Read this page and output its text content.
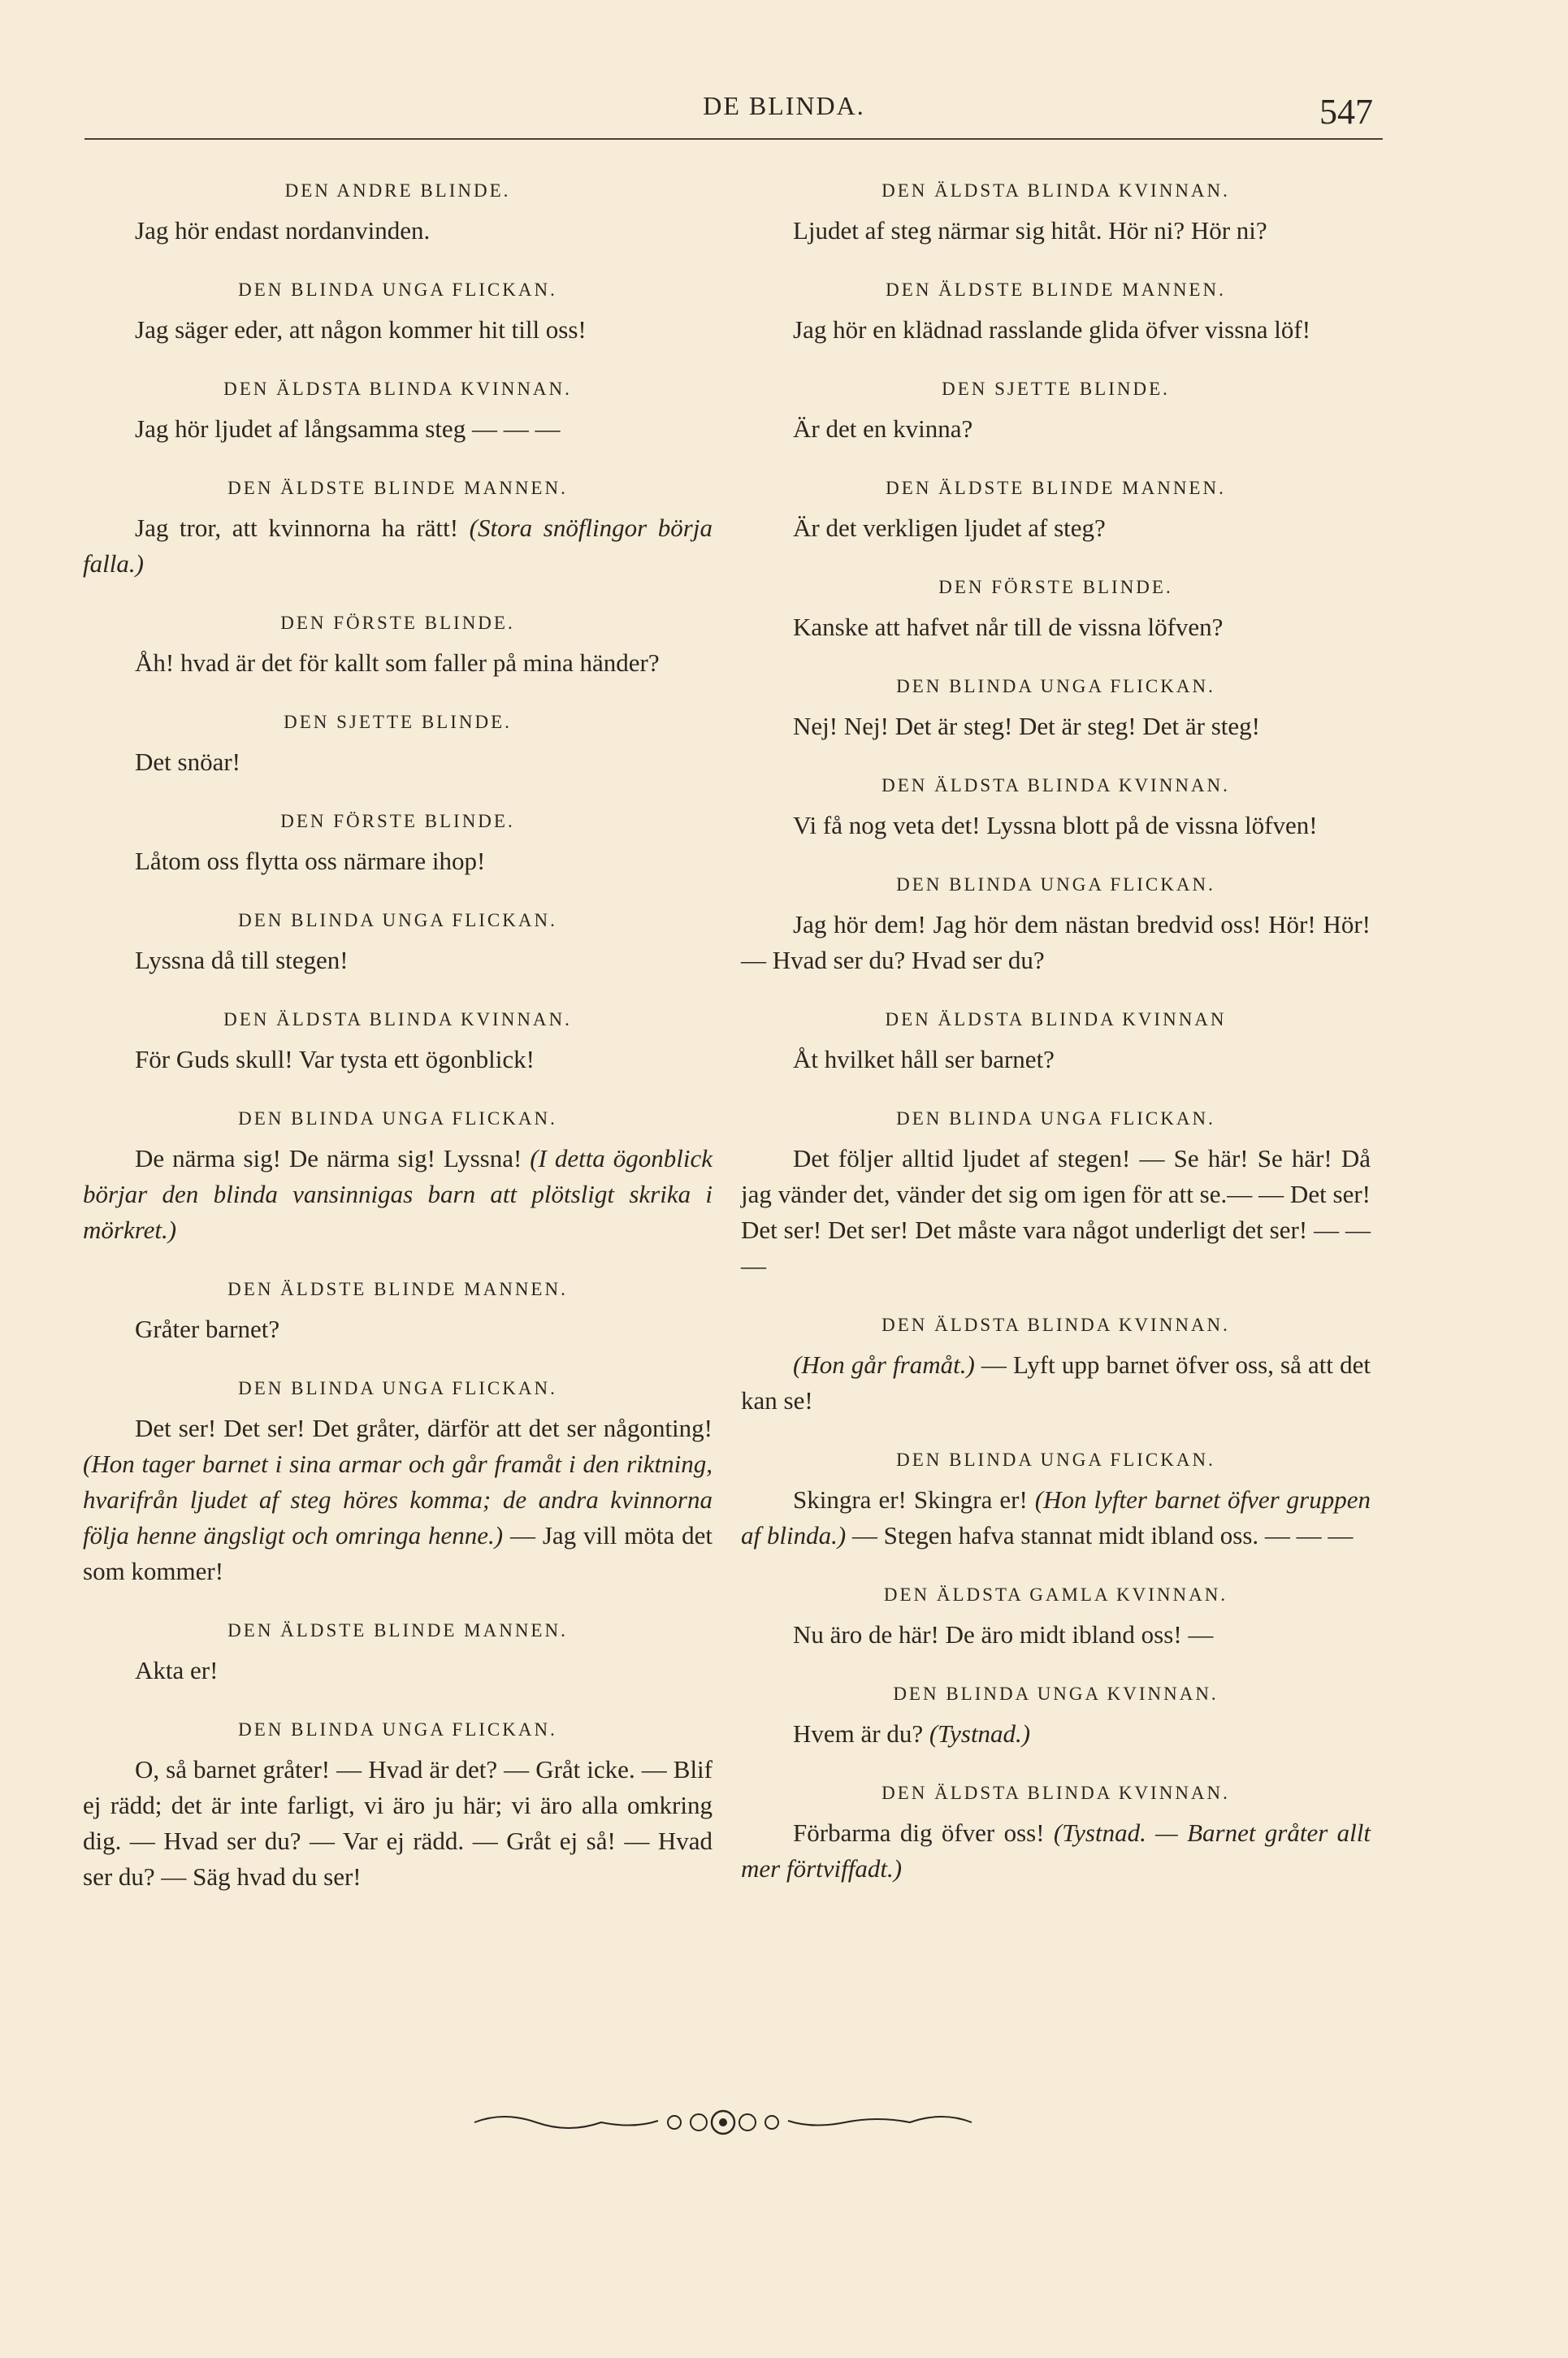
DE BLINDA.	547
DEN ANDRE BLINDE.

Jag hör endast nordanvinden.

DEN BLINDA UNGA FLICKAN.

Jag säger eder, att någon kommer hit till oss!

DEN ÄLDSTA BLINDA KVINNAN.

Jag hör ljudet af långsamma steg — — —

DEN ÄLDSTE BLINDE MANNEN.

Jag tror, att kvinnorna ha rätt! (Stora snöflingor börja falla.)

DEN FÖRSTE BLINDE.

Åh! hvad är det för kallt som faller på mina händer?

DEN SJETTE BLINDE.

Det snöar!

DEN FÖRSTE BLINDE.

Låtom oss flytta oss närmare ihop!

DEN BLINDA UNGA FLICKAN.

Lyssna då till stegen!

DEN ÄLDSTA BLINDA KVINNAN.

För Guds skull! Var tysta ett ögonblick!

DEN BLINDA UNGA FLICKAN.

De närma sig! De närma sig! Lyssna! (I detta ögonblick börjar den blinda vansinnigas barn att plötsligt skrika i mörkret.)

DEN ÄLDSTE BLINDE MANNEN.

Gråter barnet?

DEN BLINDA UNGA FLICKAN.

Det ser! Det ser! Det gråter, därför att det ser någonting! (Hon tager barnet i sina armar och går framåt i den riktning, hvarifrån ljudet af steg höres komma; de andra kvinnorna följa henne ängsligt och omringa henne.) — Jag vill möta det som kommer!

DEN ÄLDSTE BLINDE MANNEN.

Akta er!

DEN BLINDA UNGA FLICKAN.

O, så barnet gråter! — Hvad är det? — Gråt icke. — Blif ej rädd; det är inte farligt, vi äro ju här; vi äro alla omkring dig. — Hvad ser du? — Var ej rädd. — Gråt ej så! — Hvad ser du? — Säg hvad du ser!

DEN ÄLDSTA BLINDA KVINNAN.

Ljudet af steg närmar sig hitåt. Hör ni? Hör ni?

DEN ÄLDSTE BLINDE MANNEN.

Jag hör en klädnad rasslande glida öfver vissna löf!

DEN SJETTE BLINDE.

Är det en kvinna?

DEN ÄLDSTE BLINDE MANNEN.

Är det verkligen ljudet af steg?

DEN FÖRSTE BLINDE.

Kanske att hafvet når till de vissna löfven?

DEN BLINDA UNGA FLICKAN.

Nej! Nej! Det är steg! Det är steg! Det är steg!

DEN ÄLDSTA BLINDA KVINNAN.

Vi få nog veta det! Lyssna blott på de vissna löfven!

DEN BLINDA UNGA FLICKAN.

Jag hör dem! Jag hör dem nästan bredvid oss! Hör! Hör! — Hvad ser du? Hvad ser du?

DEN ÄLDSTA BLINDA KVINNAN

Åt hvilket håll ser barnet?

DEN BLINDA UNGA FLICKAN.

Det följer alltid ljudet af stegen! — Se här! Se här! Då jag vänder det, vänder det sig om igen för att se.— — Det ser! Det ser! Det ser! Det måste vara något underligt det ser! — — —

DEN ÄLDSTA BLINDA KVINNAN.

(Hon går framåt.) — Lyft upp barnet öfver oss, så att det kan se!

DEN BLINDA UNGA FLICKAN.

Skingra er! Skingra er! (Hon lyfter barnet öfver gruppen af blinda.) — Stegen hafva stannat midt ibland oss. — — —

DEN ÄLDSTA GAMLA KVINNAN.

Nu äro de här! De äro midt ibland oss! —

DEN BLINDA UNGA KVINNAN.

Hvem är du? (Tystnad.)

DEN ÄLDSTA BLINDA KVINNAN.

Förbarma dig öfver oss! (Tystnad. — Barnet gråter allt mer förtviffadt.)
